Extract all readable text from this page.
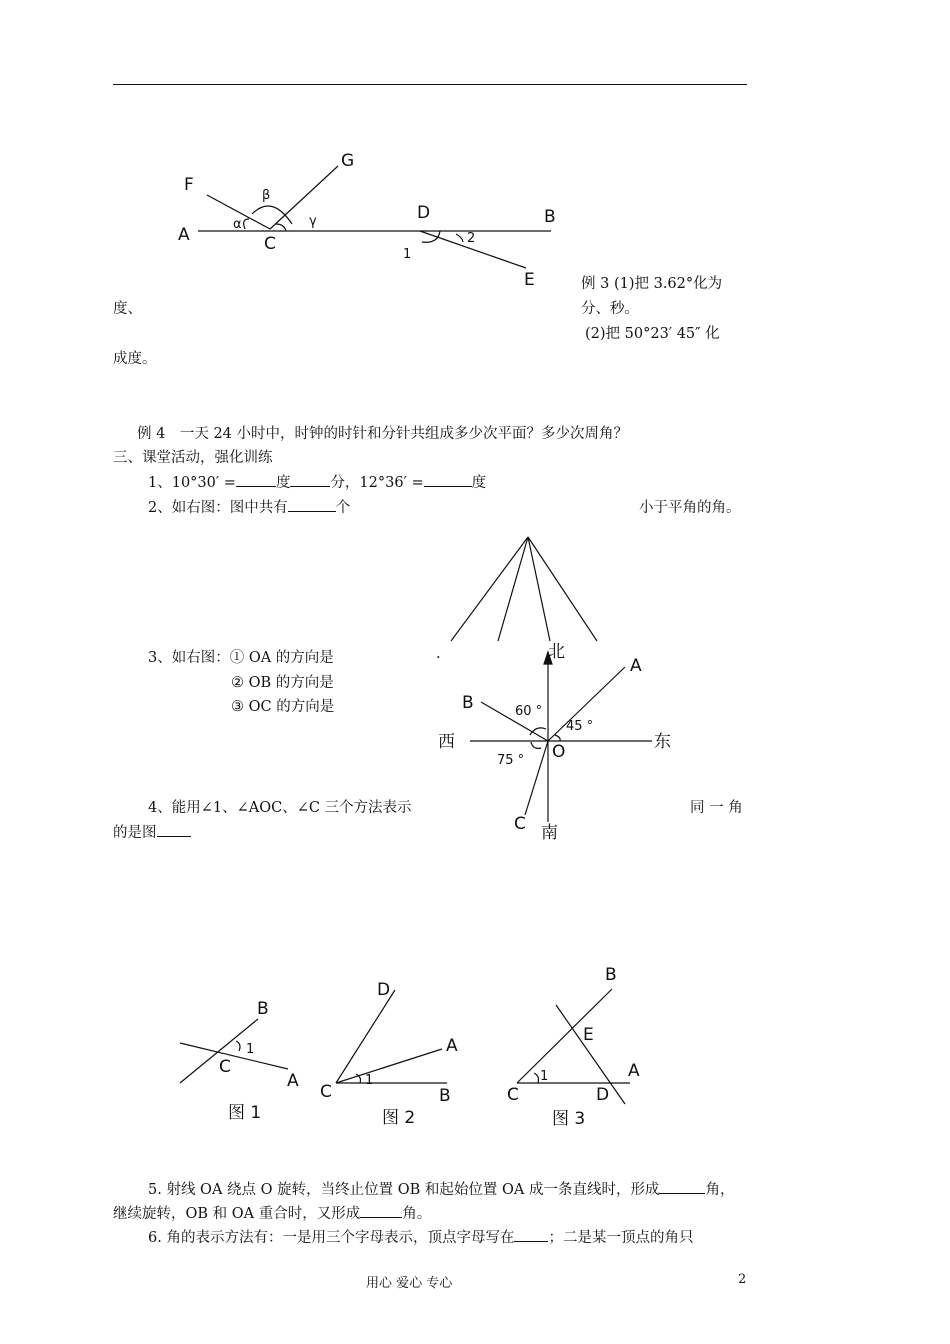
F
G
A	C
D	B
E
α
β
γ
1
2
北
南
西	东
A
B
C
O
60 °
45 °
75 °
B
C
A
1
图 1
D
A
C	B
1
图 2
B
E
A
C	D
1
图 3
例 3 (1)把 3.62°化为
度、	分、秒。
(2)把 50°23′ 45″ 化
成度。
例 4　一天 24 小时中，时钟的时针和分针共组成多少次平面？多少次周角？
三、课堂活动，强化训练
1、10°30′ =	度	分，12°36′ =	度
2、如右图：图中共有	个	小于平角的角。
3、如右图：① OA 的方向是	.
② OB 的方向是
③ OC 的方向是
4、能用∠1、∠AOC、∠C 三个方法表示	同 一 角
的是图
5. 射线 OA 绕点 O 旋转，当终止位置 OB 和起始位置 OA 成一条直线时，形成	角，
继续旋转，OB 和 OA 重合时，又形成	角。
6. 角的表示方法有：一是用三个字母表示，顶点字母写在 ；二是某一顶点的角只
用心 爱心 专心	2
